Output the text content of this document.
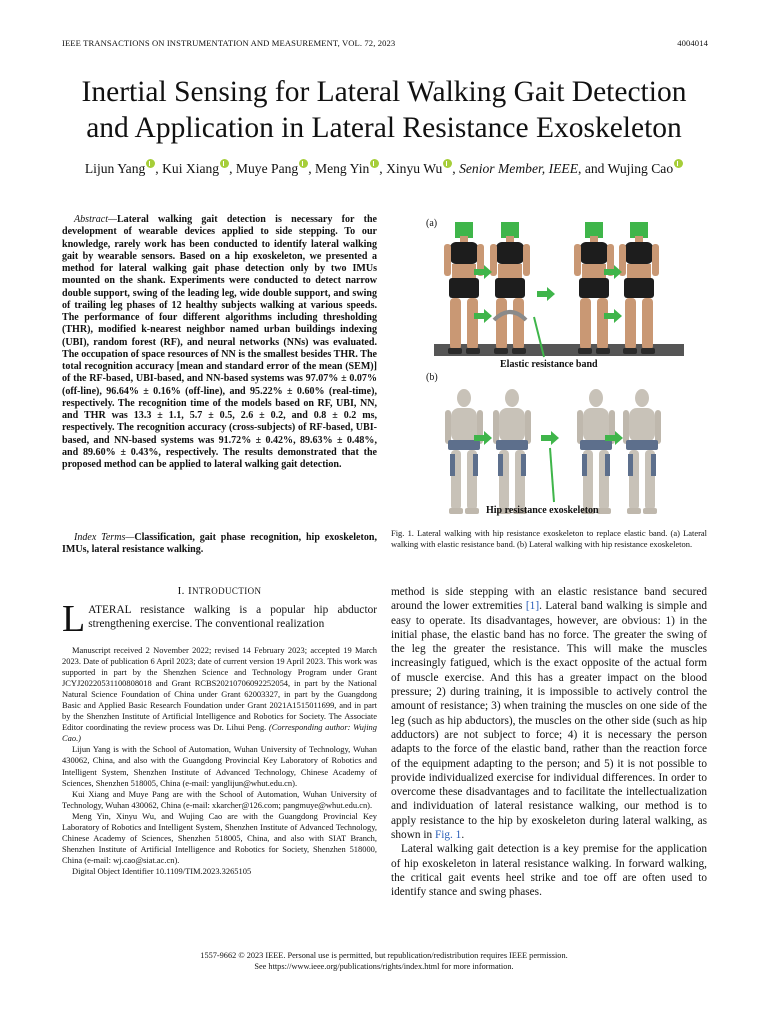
IEEE TRANSACTIONS ON INSTRUMENTATION AND MEASUREMENT, VOL. 72, 2023	4004014
Inertial Sensing for Lateral Walking Gait Detection
and Application in Lateral Resistance Exoskeleton
Lijun Yang , Kui Xiang , Muye Pang , Meng Yin , Xinyu Wu , Senior Member, IEEE, and Wujing Cao
Abstract—Lateral walking gait detection is necessary for the development of wearable devices applied to side stepping. To our knowledge, rarely work has been conducted to identify lateral walking gait by wearable sensors. Based on a hip exoskeleton, we presented a method for lateral walking gait phase detection only by two IMUs mounted on the shank. Experiments were conducted to detect narrow double support, swing of the leading leg, wide double support, and swing of trailing leg phases of 12 healthy subjects walking at various speeds. The performance of four different algorithms including thresholding (THR), modified k-nearest neighbor named urban buildings indexing (UBI), random forest (RF), and neural networks (NNs) was evaluated. The occupation of space resources of NN is the smallest besides THR. The total recognition accuracy [mean and standard error of the mean (SEM)] of the RF-based, UBI-based, and NN-based systems was 97.07% ± 0.07% (off-line), 96.64% ± 0.16% (off-line), and 95.22% ± 0.60% (real-time), respectively. The recognition time of the models based on RF, UBI, NN, and THR was 13.3 ± 1.1, 5.7 ± 0.5, 2.6 ± 0.2, and 0.8 ± 0.2 ms, respectively. The recognition accuracy (cross-subjects) of RF-based, UBI-based, and NN-based systems was 91.72% ± 0.42%, 89.63% ± 0.48%, and 89.60% ± 0.43%, respectively. The results demonstrated that the proposed method can be applied to lateral walking gait detection.
Index Terms—Classification, gait phase recognition, hip exoskeleton, IMUs, lateral resistance walking.
I. INTRODUCTION
LATERAL resistance walking is a popular hip abductor strengthening exercise. The conventional realization

Manuscript received 2 November 2022; revised 14 February 2023; accepted 19 March 2023. Date of publication 6 April 2023; date of current version 19 April 2023. This work was supported in part by the Shenzhen Science and Technology Program under Grant JCYJ20220531100808018 and Grant RCBS20210706092252054, in part by the National Natural Science Foundation of China under Grant 62003327, in part by the Guangdong Basic and Applied Basic Research Foundation under Grant 2021A1515011699, and in part by the Shenzhen Institute of Artificial Intelligence and Robotics for Society. The Associate Editor coordinating the review process was Dr. Lihui Peng. (Corresponding author: Wujing Cao.)

Lijun Yang is with the School of Automation, Wuhan University of Technology, Wuhan 430062, China, and also with the Guangdong Provincial Key Laboratory of Robotics and Intelligent System, Shenzhen Institute of Advanced Technology, Chinese Academy of Sciences, Shenzhen 518005, China (e-mail: yanglijun@whut.edu.cn).

Kui Xiang and Muye Pang are with the School of Automation, Wuhan University of Technology, Wuhan 430062, China (e-mail: xkarcher@126.com; pangmuye@whut.edu.cn).

Meng Yin, Xinyu Wu, and Wujing Cao are with the Guangdong Provincial Key Laboratory of Robotics and Intelligent System, Shenzhen Institute of Advanced Technology, Chinese Academy of Sciences, Shenzhen 518005, China, and also with SIAT Branch, Shenzhen Institute of Artificial Intelligence and Robotics for Society, Shenzhen 518000, China (e-mail: wj.cao@siat.ac.cn).

Digital Object Identifier 10.1109/TIM.2023.3265105

(a)
(b)
Elastic resistance band
Hip resistance exoskeleton
Fig. 1. Lateral walking with hip resistance exoskeleton to replace elastic band. (a) Lateral walking with elastic resistance band. (b) Lateral walking with hip resistance exoskeleton.

method is side stepping with an elastic resistance band secured around the lower extremities [1]. Lateral band walking is simple and easy to operate. Its disadvantages, however, are obvious: 1) in the initial phase, the elastic band has no force. The greater the swing of the leg the greater the resistance. This will make the muscles increasingly fatigued, which is the exact opposite of the actual form of muscle exercise. And this has a greater impact on the blood pressure; 2) during training, it is impossible to actively control the amount of resistance; 3) when training the muscles on one side of the leg (such as hip abductors), the muscles on the other side (such as hip adductors) are not subject to force; 4) it is necessary the person adapts to the force of the elastic band, rather than the reaction force of the equipment adapting to the person; and 5) it is not possible to provide individualized exercise for individual differences. In order to overcome these disadvantages and to facilitate the intellectualization and individuation of lateral resistance walking, our method is to apply resistance to the hip by exoskeleton during lateral walking, as shown in Fig. 1.

Lateral walking gait detection is a key premise for the application of hip exoskeleton in lateral resistance walking. In forward walking, the critical gait events heel strike and toe off are often used to identify stance and swing phases.

1557-9662 © 2023 IEEE. Personal use is permitted, but republication/redistribution requires IEEE permission.
See https://www.ieee.org/publications/rights/index.html for more information.
